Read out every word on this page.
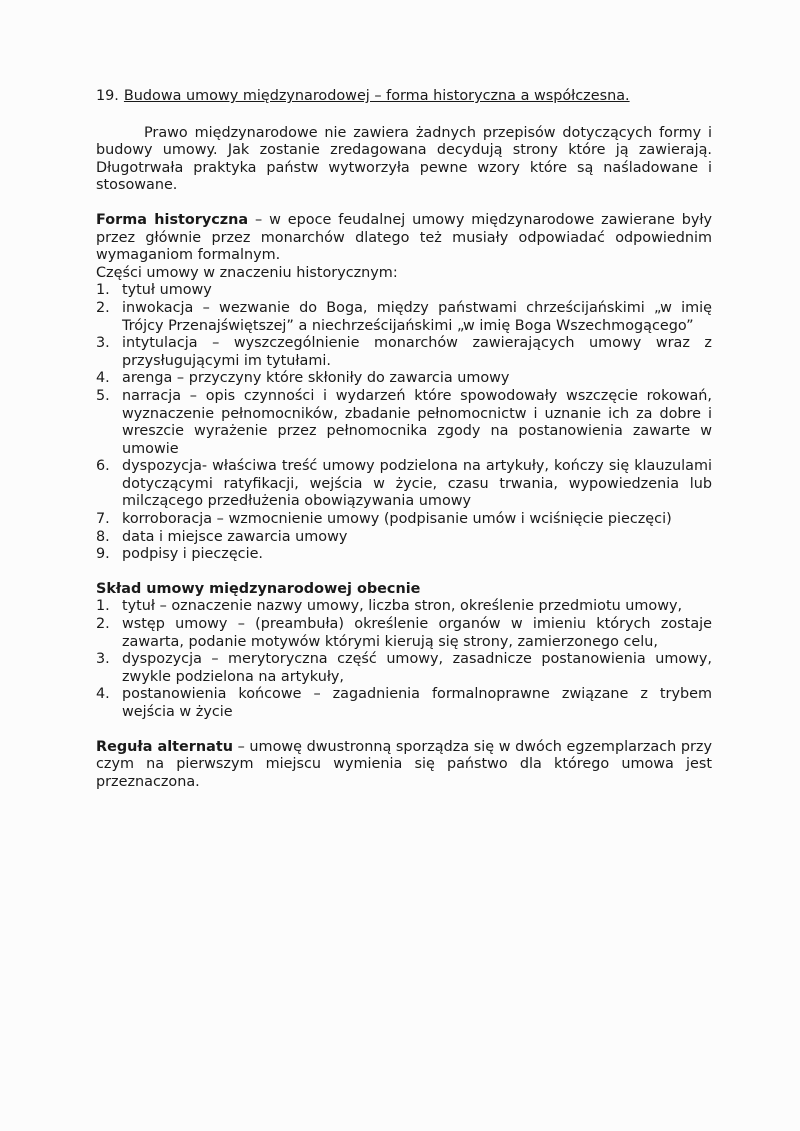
19. Budowa umowy międzynarodowej – forma historyczna a współczesna.

Prawo międzynarodowe nie zawiera żadnych przepisów dotyczących formy i budowy umowy. Jak zostanie zredagowana decydują strony które ją zawierają. Długotrwała praktyka państw wytworzyła pewne wzory które są naśladowane i stosowane.

Forma historyczna – w epoce feudalnej umowy międzynarodowe zawierane były przez głównie przez monarchów dlatego też musiały odpowiadać odpowiednim wymaganiom formalnym.

Części umowy w znaczeniu historycznym:

1. tytuł umowy
2. inwokacja – wezwanie do Boga, między państwami chrześcijańskimi „w imię Trójcy Przenajświętszej” a niechrześcijańskimi „w imię Boga Wszechmogącego”
3. intytulacja – wyszczególnienie monarchów zawierających umowy wraz z przysługującymi im tytułami.
4. arenga – przyczyny które skłoniły do zawarcia umowy
5. narracja – opis czynności i wydarzeń które spowodowały wszczęcie rokowań, wyznaczenie pełnomocników, zbadanie pełnomocnictw i uznanie ich za dobre i wreszcie wyrażenie przez pełnomocnika zgody na postanowienia zawarte w umowie
6. dyspozycja- właściwa treść umowy podzielona na artykuły, kończy się klauzulami dotyczącymi ratyfikacji, wejścia w życie, czasu trwania, wypowiedzenia lub milczącego przedłużenia obowiązywania umowy
7. korroboracja – wzmocnienie umowy (podpisanie umów i wciśnięcie pieczęci)
8. data i miejsce zawarcia umowy
9. podpisy i pieczęcie.
Skład umowy międzynarodowej obecnie
1. tytuł – oznaczenie nazwy umowy, liczba stron, określenie przedmiotu umowy,
2. wstęp umowy – (preambuła) określenie organów w imieniu których zostaje zawarta, podanie motywów którymi kierują się strony, zamierzonego celu,
3. dyspozycja – merytoryczna część umowy, zasadnicze postanowienia umowy, zwykle podzielona na artykuły,
4. postanowienia końcowe – zagadnienia formalnoprawne związane z trybem wejścia w życie

Reguła alternatu – umowę dwustronną sporządza się w dwóch egzemplarzach przy czym na pierwszym miejscu wymienia się państwo dla którego umowa jest przeznaczona.
